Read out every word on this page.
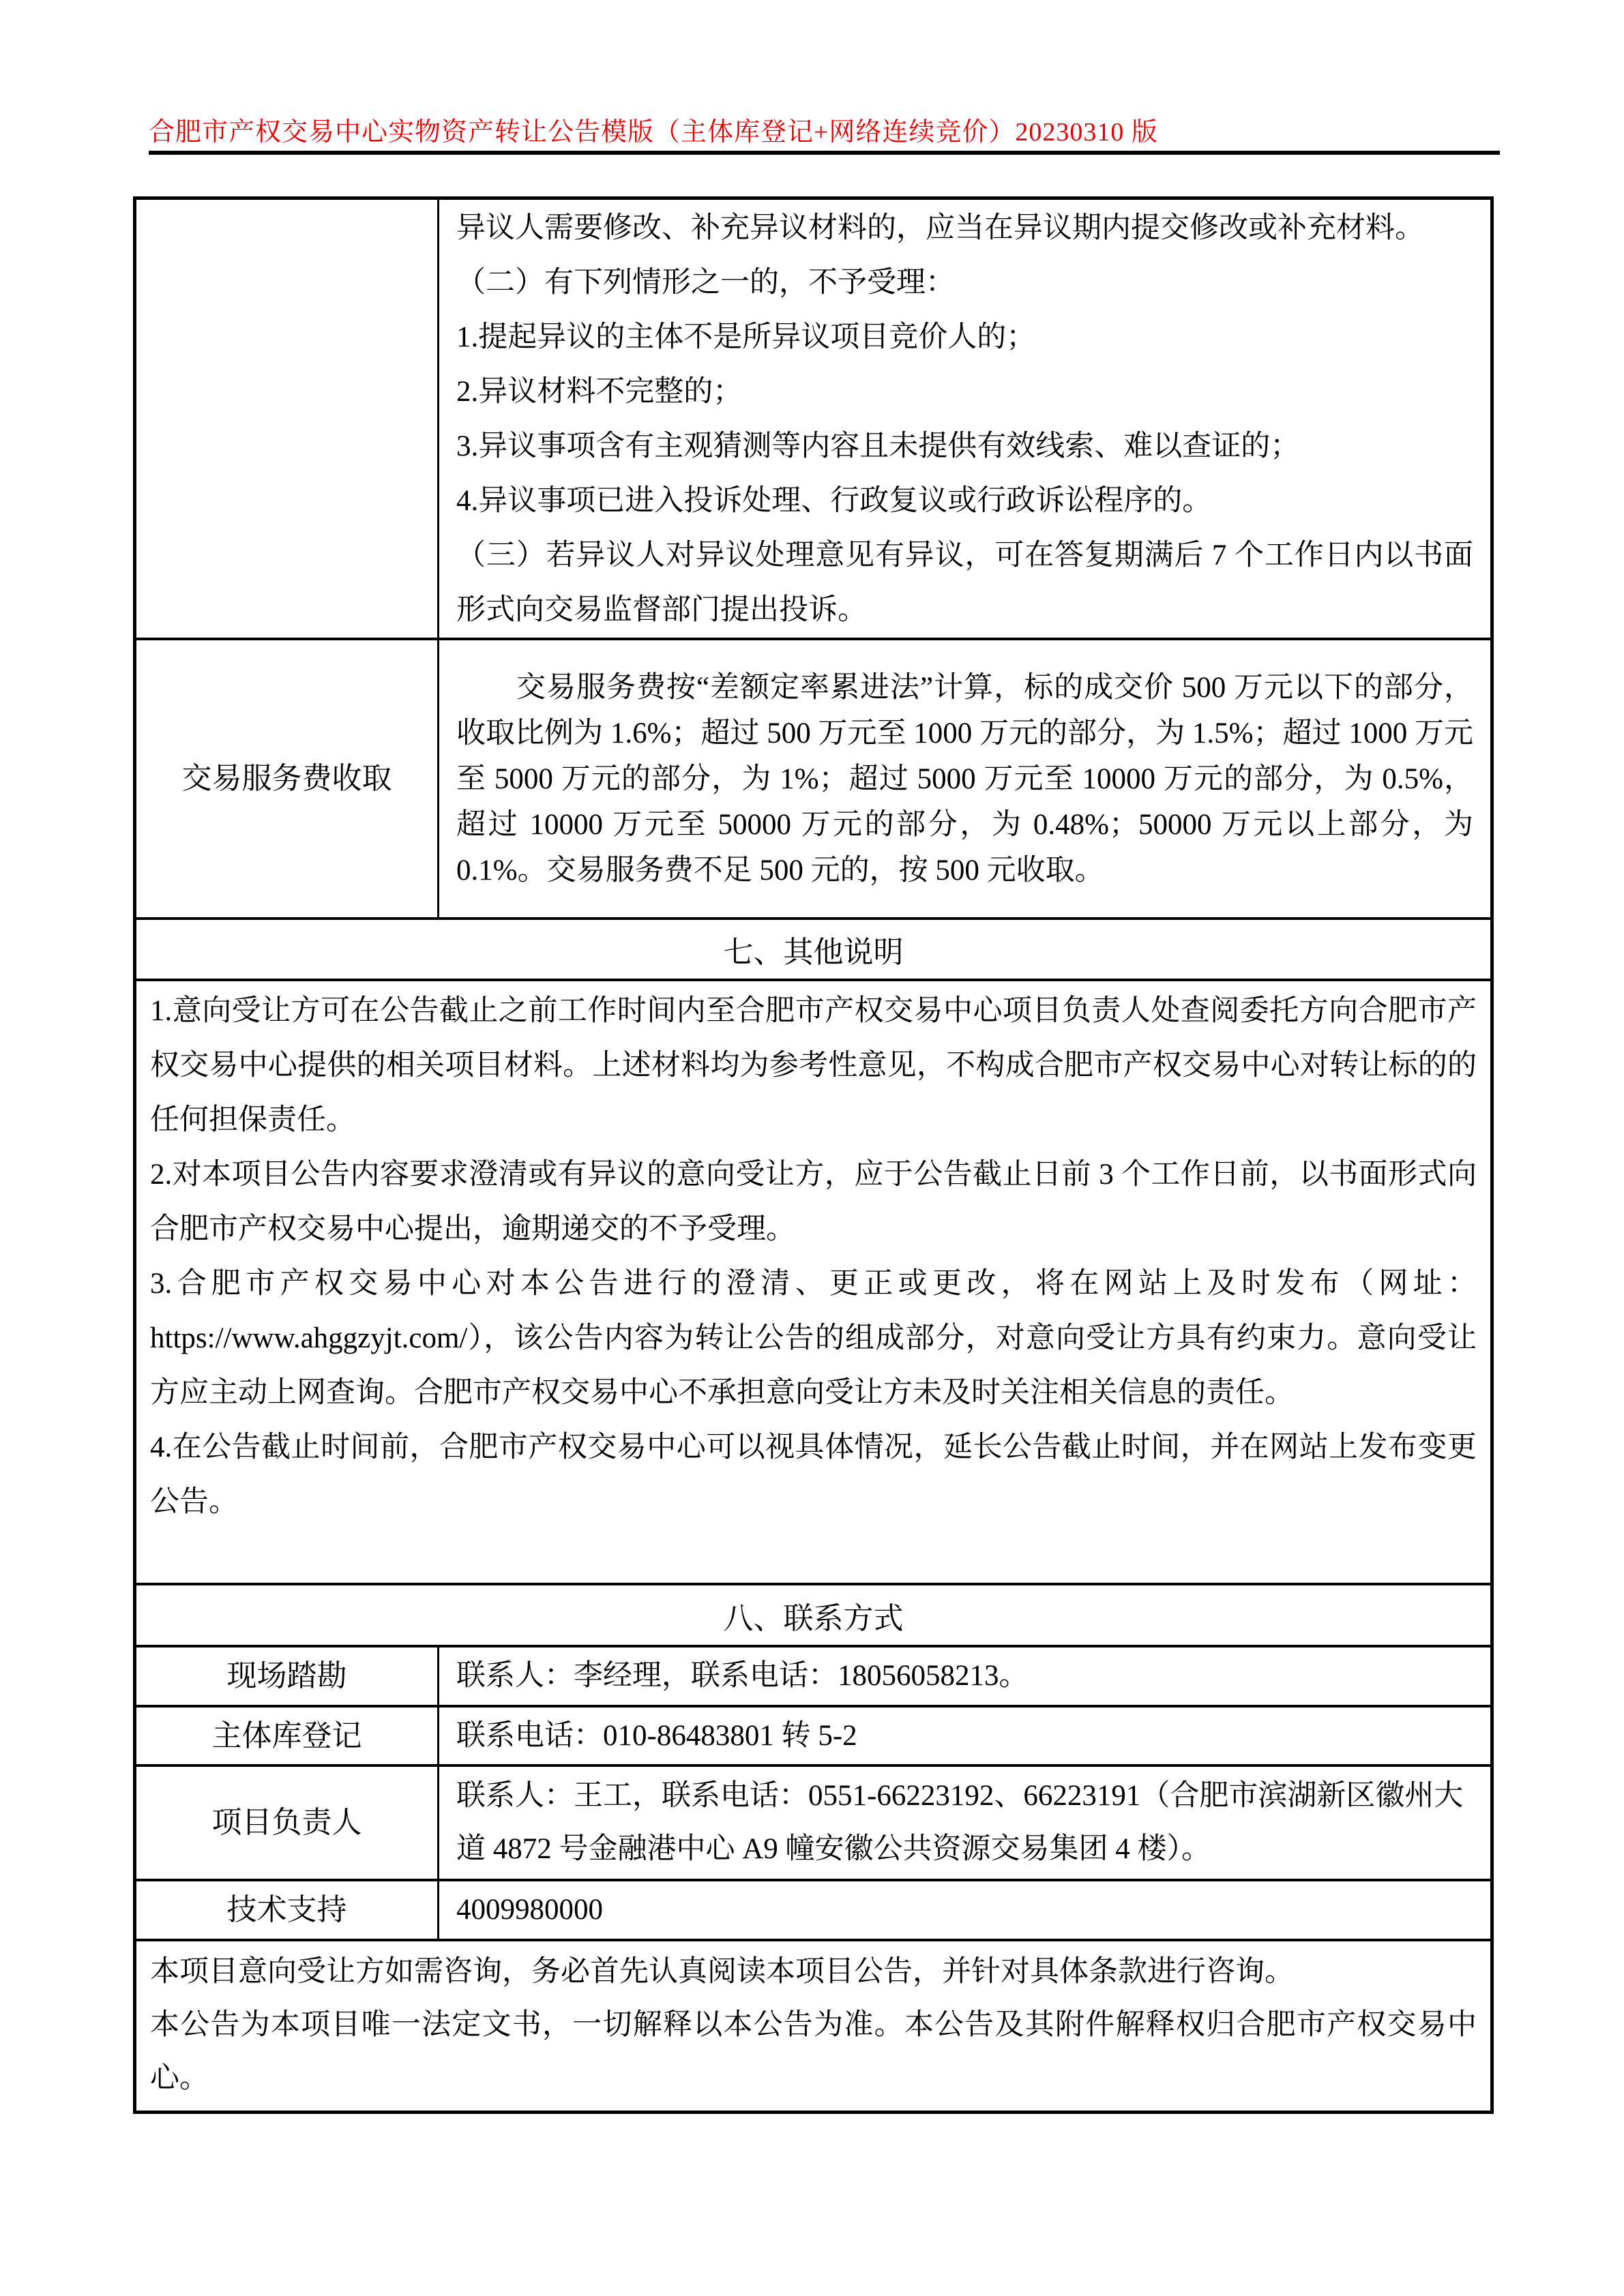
合肥市产权交易中心实物资产转让公告模版（主体库登记+网络连续竞价）20230310 版

异议人需要修改、补充异议材料的，应当在异议期内提交修改或补充材料。

（二）有下列情形之一的，不予受理：

1.提起异议的主体不是所异议项目竞价人的；

2.异议材料不完整的；

3.异议事项含有主观猜测等内容且未提供有效线索、难以查证的；

4.异议事项已进入投诉处理、行政复议或行政诉讼程序的。

（三）若异议人对异议处理意见有异议，可在答复期满后 7 个工作日内以书面形式向交易监督部门提出投诉。

交易服务费收取	交易服务费按“差额定率累进法”计算，标的成交价 500 万元以下的部分，收取比例为 1.6%；超过 500 万元至 1000 万元的部分，为 1.5%；超过 1000 万元至 5000 万元的部分，为 1%；超过 5000 万元至 10000 万元的部分，为 0.5%，超过 10000 万元至 50000 万元的部分，为 0.48%；50000 万元以上部分，为 0.1%。交易服务费不足 500 元的，按 500 元收取。

七、其他说明	

1.意向受让方可在公告截止之前工作时间内至合肥市产权交易中心项目负责人处查阅委托方向合肥市产权交易中心提供的相关项目材料。上述材料均为参考性意见，不构成合肥市产权交易中心对转让标的的任何担保责任。

2.对本项目公告内容要求澄清或有异议的意向受让方，应于公告截止日前 3 个工作日前，以书面形式向合肥市产权交易中心提出，逾期递交的不予受理。

3.合肥市产权交易中心对本公告进行的澄清、更正或更改，将在网站上及时发布（网址：https://www.ahggzyjt.com/），该公告内容为转让公告的组成部分，对意向受让方具有约束力。意向受让方应主动上网查询。合肥市产权交易中心不承担意向受让方未及时关注相关信息的责任。

4.在公告截止时间前，合肥市产权交易中心可以视具体情况，延长公告截止时间，并在网站上发布变更公告。	

八、联系方式	
现场踏勘	联系人：李经理，联系电话：18056058213。

主体库登记	联系电话：010-86483801 转 5-2

项目负责人	联系人：王工，联系电话：0551-66223192、66223191（合肥市滨湖新区徽州大道 4872 号金融港中心 A9 幢安徽公共资源交易集团 4 楼）。

技术支持	4009980000

本项目意向受让方如需咨询，务必首先认真阅读本项目公告，并针对具体条款进行咨询。

本公告为本项目唯一法定文书，一切解释以本公告为准。本公告及其附件解释权归合肥市产权交易中心。	
